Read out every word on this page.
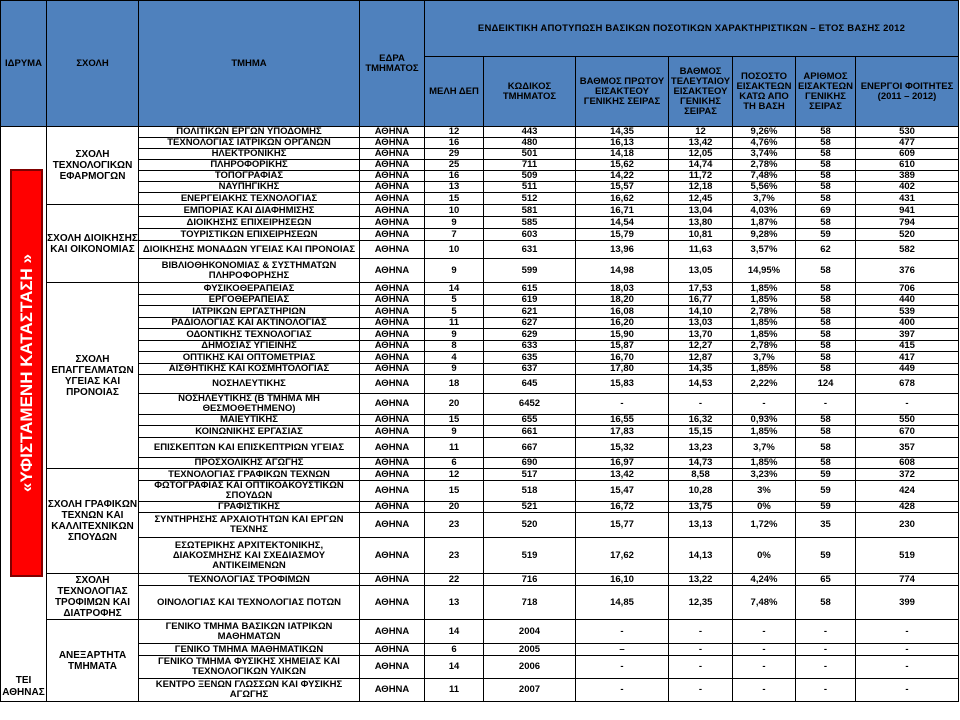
ΙΔΡΥΜΑ	ΣΧΟΛΗ	ΤΜΗΜΑ	ΕΔΡΑ ΤΜΗΜΑΤΟΣ	ΕΝΔΕΙΚΤΙΚΗ ΑΠΟΤΥΠΩΣΗ ΒΑΣΙΚΩΝ ΠΟΣΟΤΙΚΩΝ ΧΑΡΑΚΤΗΡΙΣΤΙΚΩΝ – ΕΤΟΣ ΒΑΣΗΣ 2012						
				ΜΕΛΗ ΔΕΠ	ΚΩΔΙΚΟΣ ΤΜΗΜΑΤΟΣ	ΒΑΘΜΟΣ ΠΡΩΤΟΥ ΕΙΣΑΚΤΕΟΥ ΓΕΝΙΚΗΣ ΣΕΙΡΑΣ	ΒΑΘΜΟΣ ΤΕΛΕΥΤΑΙΟΥ ΕΙΣΑΚΤΕΟΥ ΓΕΝΙΚΗΣ ΣΕΙΡΑΣ	ΠΟΣΟΣΤΟ ΕΙΣΑΚΤΕΩΝ ΚΑΤΩ ΑΠΟ ΤΗ ΒΑΣΗ	ΑΡΙΘΜΟΣ ΕΙΣΑΚΤΕΩΝ ΓΕΝΙΚΗΣ ΣΕΙΡΑΣ	ΕΝΕΡΓΟΙ ΦΟΙΤΗΤΕΣ (2011 – 2012)

ΤΕΙ ΑΘΗΝΑΣ	ΣΧΟΛΗ ΤΕΧΝΟΛΟΓΙΚΩΝ ΕΦΑΡΜΟΓΩΝ	ΠΟΛΙΤΙΚΩΝ ΕΡΓΩΝ ΥΠΟΔΟΜΗΣ	ΑΘΗΝΑ	12	443	14,35	12	9,26%	58	530
		ΤΕΧΝΟΛΟΓΙΑΣ ΙΑΤΡΙΚΩΝ ΟΡΓΑΝΩΝ	ΑΘΗΝΑ	16	480	16,13	13,42	4,76%	58	477
		ΗΛΕΚΤΡΟΝΙΚΗΣ	ΑΘΗΝΑ	29	501	14,18	12,05	3,74%	58	609
		ΠΛΗΡΟΦΟΡΙΚΗΣ	ΑΘΗΝΑ	25	711	15,62	14,74	2,78%	58	610
		ΤΟΠΟΓΡΑΦΙΑΣ	ΑΘΗΝΑ	16	509	14,22	11,72	7,48%	58	389
		ΝΑΥΠΗΓΙΚΗΣ	ΑΘΗΝΑ	13	511	15,57	12,18	5,56%	58	402
		ΕΝΕΡΓΕΙΑΚΗΣ ΤΕΧΝΟΛΟΓΙΑΣ	ΑΘΗΝΑ	15	512	16,62	12,45	3,7%	58	431
	ΣΧΟΛΗ ΔΙΟΙΚΗΣΗΣ ΚΑΙ ΟΙΚΟΝΟΜΙΑΣ	ΕΜΠΟΡΙΑΣ ΚΑΙ ΔΙΑΦΗΜΙΣΗΣ	ΑΘΗΝΑ	10	581	16,71	13,04	4,03%	69	941
		ΔΙΟΙΚΗΣΗΣ ΕΠΙΧΕΙΡΗΣΕΩΝ	ΑΘΗΝΑ	9	585	14,54	13,80	1,87%	58	794
		ΤΟΥΡΙΣΤΙΚΩΝ ΕΠΙΧΕΙΡΗΣΕΩΝ	ΑΘΗΝΑ	7	603	15,79	10,81	9,28%	59	520
		ΔΙΟΙΚΗΣΗΣ ΜΟΝΑΔΩΝ ΥΓΕΙΑΣ ΚΑΙ ΠΡΟΝΟΙΑΣ	ΑΘΗΝΑ	10	631	13,96	11,63	3,57%	62	582
		ΒΙΒΛΙΟΘΗΚΟΝΟΜΙΑΣ & ΣΥΣΤΗΜΑΤΩΝ ΠΛΗΡΟΦΟΡΗΣΗΣ	ΑΘΗΝΑ	9	599	14,98	13,05	14,95%	58	376
	ΣΧΟΛΗ ΕΠΑΓΓΕΛΜΑΤΩΝ ΥΓΕΙΑΣ ΚΑΙ ΠΡΟΝΟΙΑΣ	ΦΥΣΙΚΟΘΕΡΑΠΕΙΑΣ	ΑΘΗΝΑ	14	615	18,03	17,53	1,85%	58	706
		ΕΡΓΟΘΕΡΑΠΕΙΑΣ	ΑΘΗΝΑ	5	619	18,20	16,77	1,85%	58	440
		ΙΑΤΡΙΚΩΝ ΕΡΓΑΣΤΗΡΙΩΝ	ΑΘΗΝΑ	5	621	16,08	14,10	2,78%	58	539
		ΡΑΔΙΟΛΟΓΙΑΣ ΚΑΙ ΑΚΤΙΝΟΛΟΓΙΑΣ	ΑΘΗΝΑ	11	627	16,20	13,03	1,85%	58	400
		ΟΔΟΝΤΙΚΗΣ ΤΕΧΝΟΛΟΓΙΑΣ	ΑΘΗΝΑ	9	629	15,90	13,70	1,85%	58	397
		ΔΗΜΟΣΙΑΣ ΥΓΙΕΙΝΗΣ	ΑΘΗΝΑ	8	633	15,87	12,27	2,78%	58	415
		ΟΠΤΙΚΗΣ ΚΑΙ ΟΠΤΟΜΕΤΡΙΑΣ	ΑΘΗΝΑ	4	635	16,70	12,87	3,7%	58	417
		ΑΙΣΘΗΤΙΚΗΣ ΚΑΙ ΚΟΣΜΗΤΟΛΟΓΙΑΣ	ΑΘΗΝΑ	9	637	17,80	14,35	1,85%	58	449
		ΝΟΣΗΛΕΥΤΙΚΗΣ	ΑΘΗΝΑ	18	645	15,83	14,53	2,22%	124	678
		ΝΟΣΗΛΕΥΤΙΚΗΣ (Β ΤΜΗΜΑ ΜΗ ΘΕΣΜΟΘΕΤΗΜΕΝΟ)	ΑΘΗΝΑ	20	6452	-	-	-	-	-
		ΜΑΙΕΥΤΙΚΗΣ	ΑΘΗΝΑ	15	655	16,55	16,32	0,93%	58	550
		ΚΟΙΝΩΝΙΚΗΣ ΕΡΓΑΣΙΑΣ	ΑΘΗΝΑ	9	661	17,83	15,15	1,85%	58	670
		ΕΠΙΣΚΕΠΤΩΝ ΚΑΙ ΕΠΙΣΚΕΠΤΡΙΩΝ ΥΓΕΙΑΣ	ΑΘΗΝΑ	11	667	15,32	13,23	3,7%	58	357
		ΠΡΟΣΧΟΛΙΚΗΣ ΑΓΩΓΗΣ	ΑΘΗΝΑ	6	690	16,97	14,73	1,85%	58	608
	ΣΧΟΛΗ ΓΡΑΦΙΚΩΝ ΤΕΧΝΩΝ ΚΑΙ ΚΑΛΛΙΤΕΧΝΙΚΩΝ ΣΠΟΥΔΩΝ	ΤΕΧΝΟΛΟΓΙΑΣ ΓΡΑΦΙΚΩΝ ΤΕΧΝΩΝ	ΑΘΗΝΑ	12	517	13,42	8,58	3,23%	59	372
		ΦΩΤΟΓΡΑΦΙΑΣ ΚΑΙ ΟΠΤΙΚΟΑΚΟΥΣΤΙΚΩΝ ΣΠΟΥΔΩΝ	ΑΘΗΝΑ	15	518	15,47	10,28	3%	59	424
		ΓΡΑΦΙΣΤΙΚΗΣ	ΑΘΗΝΑ	20	521	16,72	13,75	0%	59	428
		ΣΥΝΤΗΡΗΣΗΣ ΑΡΧΑΙΟΤΗΤΩΝ ΚΑΙ ΕΡΓΩΝ ΤΕΧΝΗΣ	ΑΘΗΝΑ	23	520	15,77	13,13	1,72%	35	230
		ΕΣΩΤΕΡΙΚΗΣ ΑΡΧΙΤΕΚΤΟΝΙΚΗΣ, ΔΙΑΚΟΣΜΗΣΗΣ ΚΑΙ ΣΧΕΔΙΑΣΜΟΥ ΑΝΤΙΚΕΙΜΕΝΩΝ	ΑΘΗΝΑ	23	519	17,62	14,13	0%	59	519
	ΣΧΟΛΗ ΤΕΧΝΟΛΟΓΙΑΣ ΤΡΟΦΙΜΩΝ ΚΑΙ ΔΙΑΤΡΟΦΗΣ	ΤΕΧΝΟΛΟΓΙΑΣ ΤΡΟΦΙΜΩΝ	ΑΘΗΝΑ	22	716	16,10	13,22	4,24%	65	774
		ΟΙΝΟΛΟΓΙΑΣ ΚΑΙ ΤΕΧΝΟΛΟΓΙΑΣ ΠΟΤΩΝ	ΑΘΗΝΑ	13	718	14,85	12,35	7,48%	58	399
	ΑΝΕΞΑΡΤΗΤΑ ΤΜΗΜΑΤΑ	ΓΕΝΙΚΟ ΤΜΗΜΑ ΒΑΣΙΚΩΝ ΙΑΤΡΙΚΩΝ ΜΑΘΗΜΑΤΩΝ	ΑΘΗΝΑ	14	2004	-	-	-	-	-
		ΓΕΝΙΚΟ ΤΜΗΜΑ ΜΑΘΗΜΑΤΙΚΩΝ	ΑΘΗΝΑ	6	2005	–	-	-	-	-
		ΓΕΝΙΚΟ ΤΜΗΜΑ ΦΥΣΙΚΗΣ ΧΗΜΕΙΑΣ ΚΑΙ ΤΕΧΝΟΛΟΓΙΚΩΝ ΥΛΙΚΩΝ	ΑΘΗΝΑ	14	2006	-	-	-	-	-
		ΚΕΝΤΡΟ ΞΕΝΩΝ ΓΛΩΣΣΩΝ ΚΑΙ ΦΥΣΙΚΗΣ ΑΓΩΓΗΣ	ΑΘΗΝΑ	11	2007	-	-	-	-	-
«ΥΦΙΣΤΑΜΕΝΗ ΚΑΤΑΣΤΑΣΗ »
